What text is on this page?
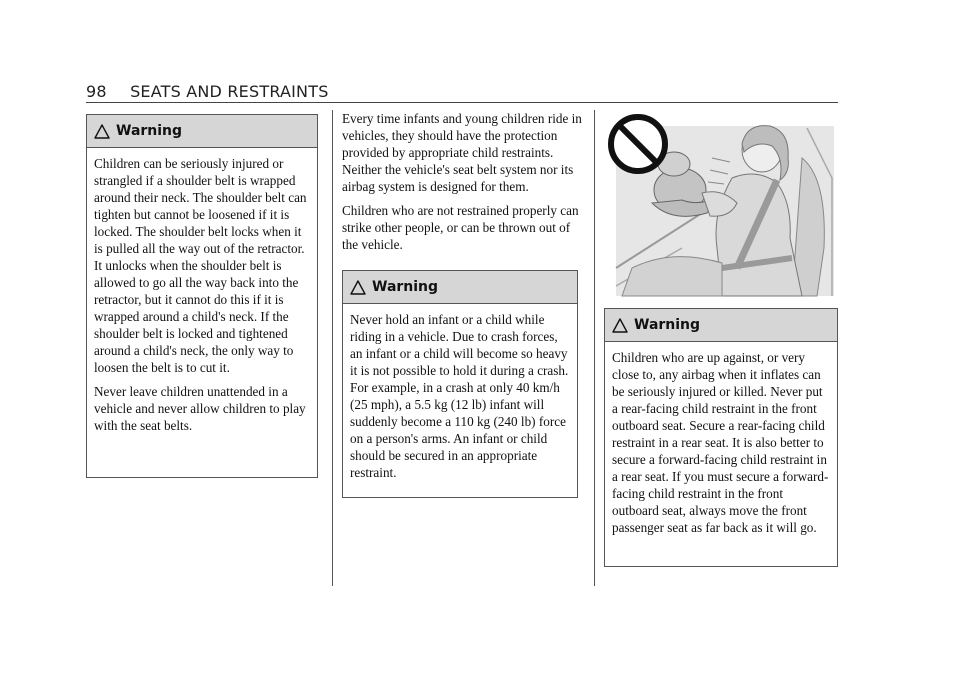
98 SEATS AND RESTRAINTS
Warning

Children can be seriously injured or strangled if a shoulder belt is wrapped around their neck. The shoulder belt can tighten but cannot be loosened if it is locked. The shoulder belt locks when it is pulled all the way out of the retractor. It unlocks when the shoulder belt is allowed to go all the way back into the retractor, but it cannot do this if it is wrapped around a child's neck. If the shoulder belt is locked and tightened around a child's neck, the only way to loosen the belt is to cut it.

Never leave children unattended in a vehicle and never allow children to play with the seat belts.

Every time infants and young children ride in vehicles, they should have the protection provided by appropriate child restraints. Neither the vehicle's seat belt system nor its airbag system is designed for them.

Children who are not restrained properly can strike other people, or can be thrown out of the vehicle.

Warning

Never hold an infant or a child while riding in a vehicle. Due to crash forces, an infant or a child will become so heavy it is not possible to hold it during a crash. For example, in a crash at only 40 km/h (25 mph), a 5.5 kg (12 lb) infant will suddenly become a 110 kg (240 lb) force on a person's arms. An infant or child should be secured in an appropriate restraint.

Warning

Children who are up against, or very close to, any airbag when it inflates can be seriously injured or killed. Never put a rear-facing child restraint in the front outboard seat. Secure a rear-facing child restraint in a rear seat. It is also better to secure a forward-facing child restraint in a rear seat. If you must secure a forward-facing child restraint in the front outboard seat, always move the front passenger seat as far back as it will go.
